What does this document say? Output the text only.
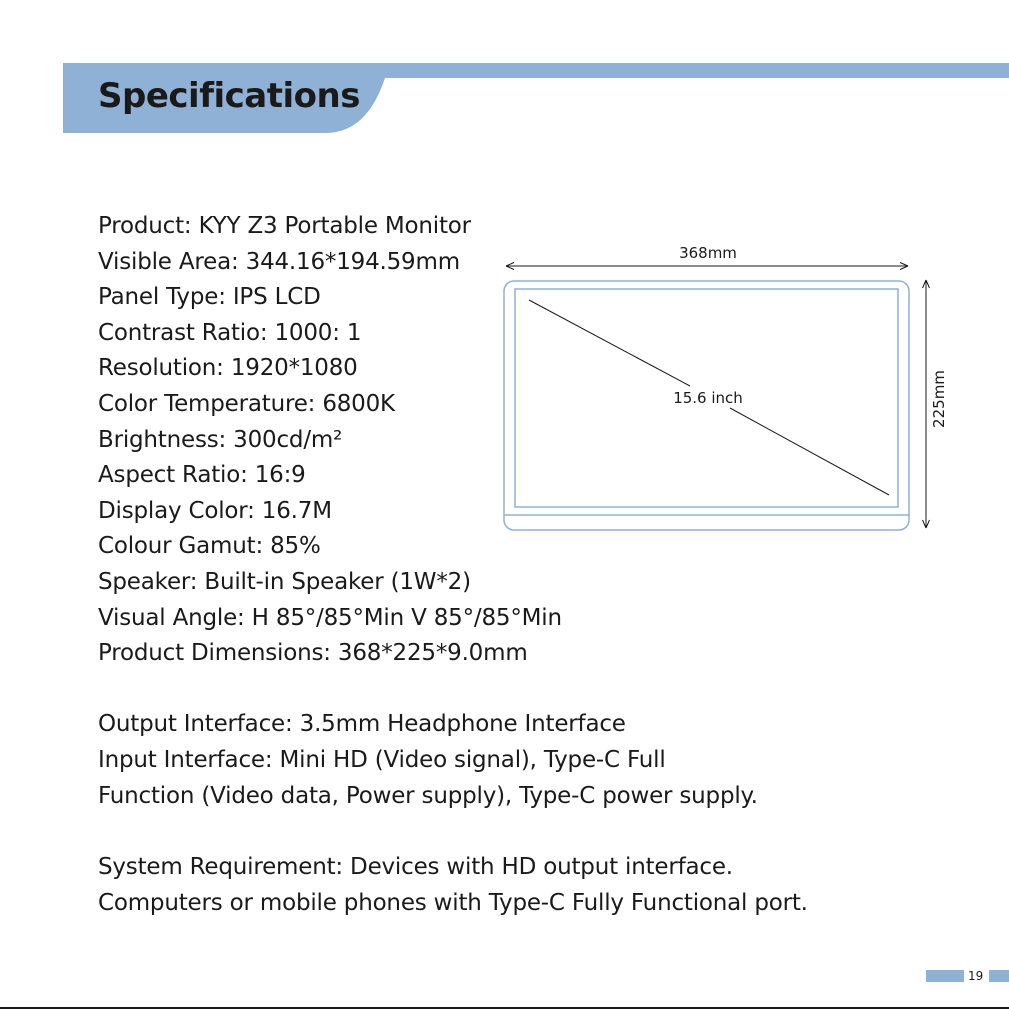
Specifications
Product: KYY Z3 Portable Monitor
Visible Area: 344.16*194.59mm
Panel Type: IPS LCD
Contrast Ratio: 1000: 1
Resolution: 1920*1080
Color Temperature: 6800K
Brightness: 300cd/m²
Aspect Ratio: 16:9
Display Color: 16.7M
Colour Gamut: 85%
Speaker: Built-in Speaker (1W*2)
Visual Angle: H 85°/85°Min V 85°/85°Min
Product Dimensions: 368*225*9.0mm
Output Interface: 3.5mm Headphone Interface
Input Interface: Mini HD (Video signal), Type-C Full
Function (Video data, Power supply), Type-C power supply.
System Requirement: Devices with HD output interface.
Computers or mobile phones with Type-C Fully Functional port.
368mm
225mm
15.6 inch
19
